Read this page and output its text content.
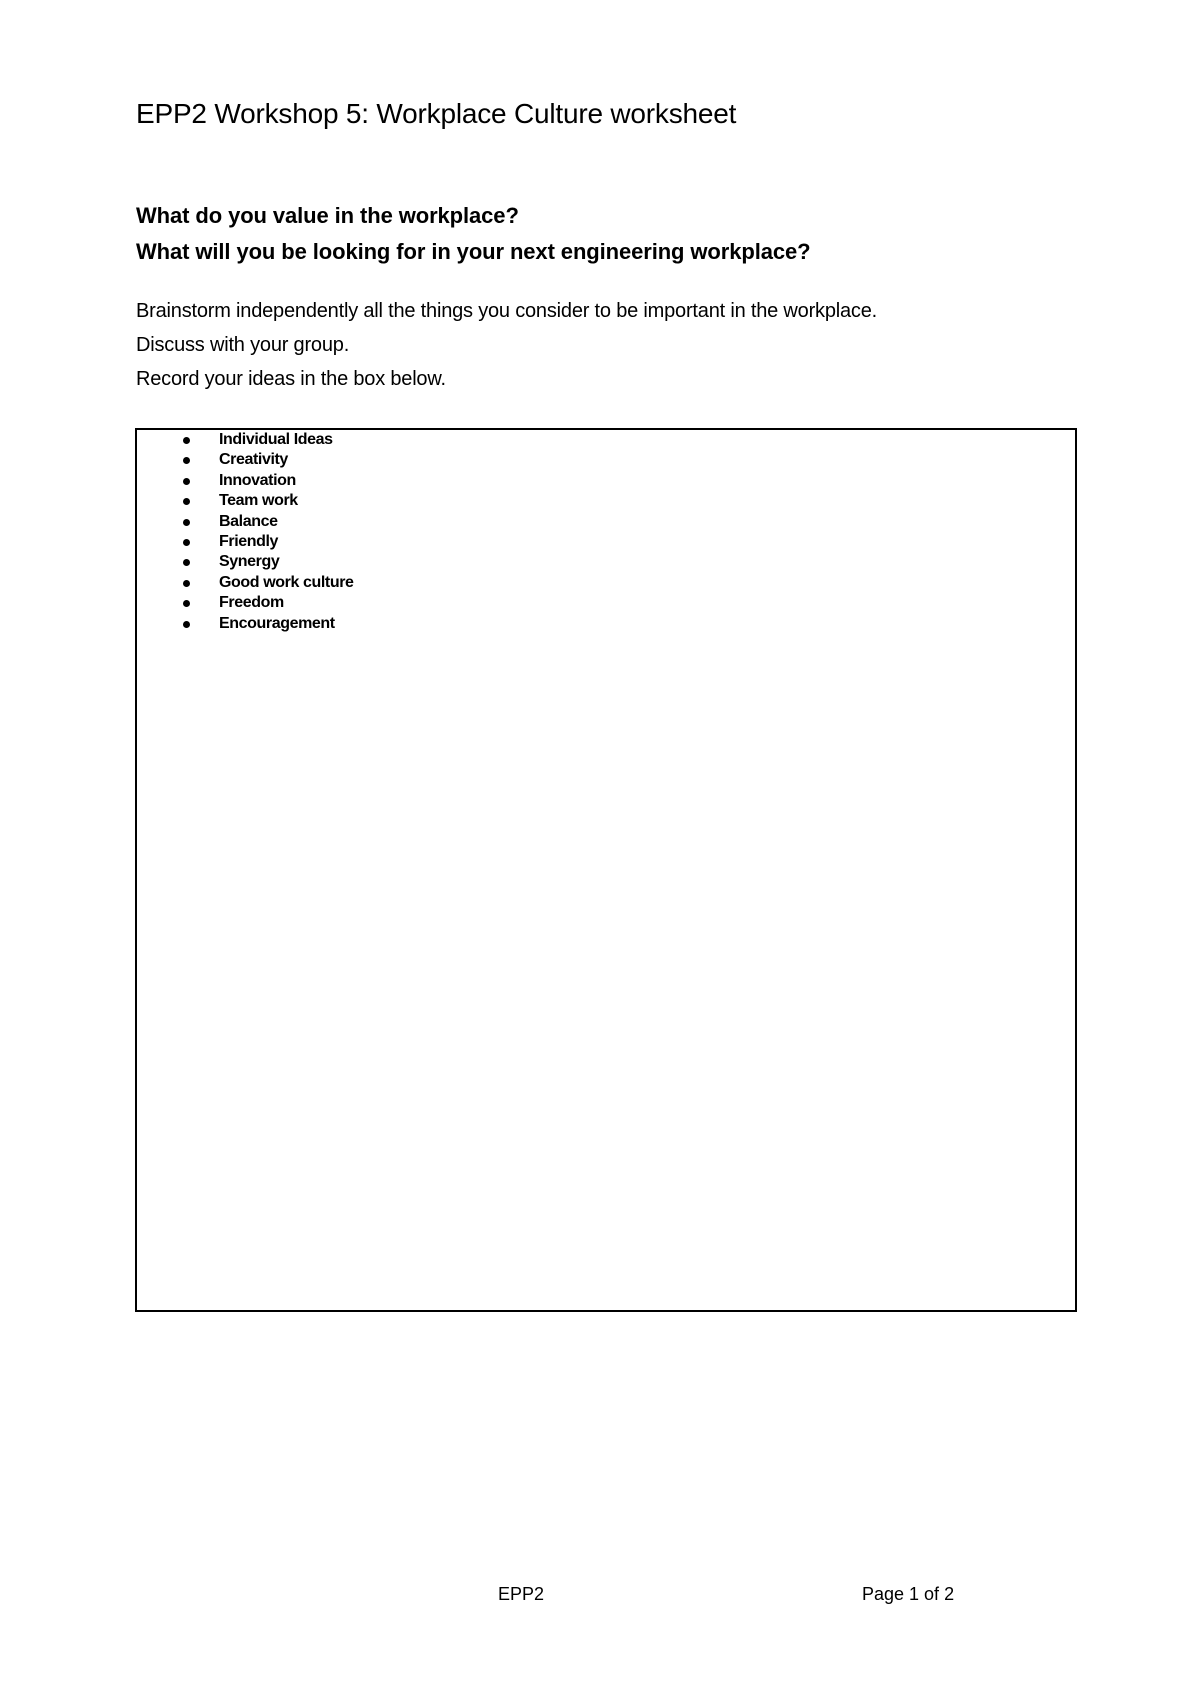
EPP2 Workshop 5: Workplace Culture worksheet
What do you value in the workplace?
What will you be looking for in your next engineering workplace?
Brainstorm independently all the things you consider to be important in the workplace.
Discuss with your group.
Record your ideas in the box below.
Individual Ideas
Creativity
Innovation
Team work
Balance
Friendly
Synergy
Good work culture
Freedom
Encouragement
EPP2	Page 1 of 2
